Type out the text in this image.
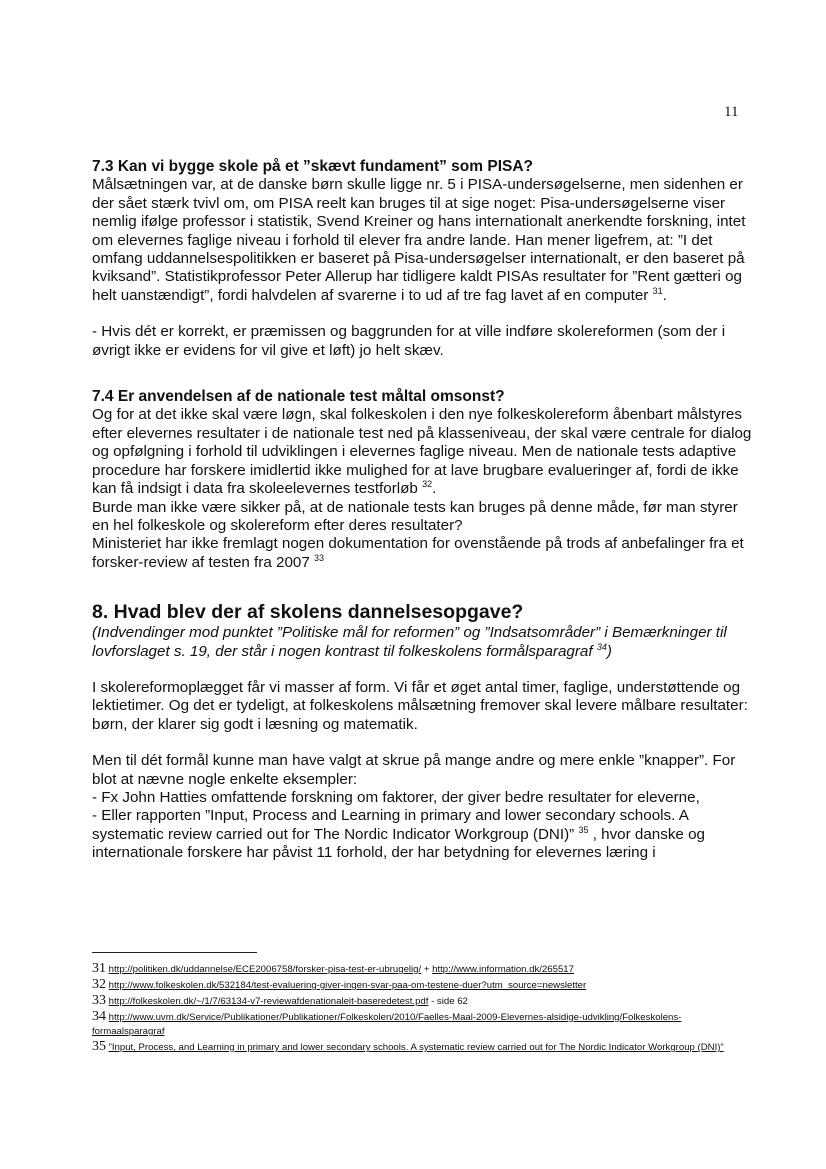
11

7.3 Kan vi bygge skole på et ”skævt fundament” som PISA?

Målsætningen var, at de danske børn skulle ligge nr. 5 i PISA-undersøgelserne, men sidenhen er der sået stærk tvivl om, om PISA reelt kan bruges til at sige noget: Pisa-undersøgelserne viser nemlig ifølge professor i statistik, Svend Kreiner og hans internationalt anerkendte forskning, intet om elevernes faglige niveau i forhold til elever fra andre lande. Han mener ligefrem, at: ”I det omfang uddannelsespolitikken er baseret på Pisa-undersøgelser internationalt, er den baseret på kviksand”. Statistikprofessor Peter Allerup har tidligere kaldt PISAs resultater for ”Rent gætteri og helt uanstændigt”, fordi halvdelen af svarerne i to ud af tre fag lavet af en computer $^{31}$.

- Hvis dét er korrekt, er præmissen og baggrunden for at ville indføre skolereformen (som der i øvrigt ikke er evidens for vil give et løft) jo helt skæv.

7.4 Er anvendelsen af de nationale test måltal omsonst?

Og for at det ikke skal være løgn, skal folkeskolen i den nye folkeskolereform åbenbart målstyres efter elevernes resultater i de nationale test ned på klasseniveau, der skal være centrale for dialog og opfølgning i forhold til udviklingen i elevernes faglige niveau. Men de nationale tests adaptive procedure har forskere imidlertid ikke mulighed for at lave brugbare evalueringer af, fordi de ikke kan få indsigt i data fra skoleelevernes testforløb $^{32}$.

Burde man ikke være sikker på, at de nationale tests kan bruges på denne måde, før man styrer en hel folkeskole og skolereform efter deres resultater?

Ministeriet har ikke fremlagt nogen dokumentation for ovenstående på trods af anbefalinger fra et forsker-review af testen fra 2007 $^{33}$

8. Hvad blev der af skolens dannelsesopgave?

(Indvendinger mod punktet ”Politiske mål for reformen” og ”Indsatsområder” i Bemærkninger til lovforslaget s. 19, der står i nogen kontrast til folkeskolens formålsparagraf $^{34}$)

I skolereformoplægget får vi masser af form. Vi får et øget antal timer, faglige, understøttende og lektietimer. Og det er tydeligt, at folkeskolens målsætning fremover skal levere målbare resultater: børn, der klarer sig godt i læsning og matematik.

Men til dét formål kunne man have valgt at skrue på mange andre og mere enkle ”knapper”. For blot at nævne nogle enkelte eksempler:

- Fx John Hatties omfattende forskning om faktorer, der giver bedre resultater for eleverne,

- Eller rapporten ”Input, Process and Learning in primary and lower secondary schools. A systematic review carried out for The Nordic Indicator Workgroup (DNI)” $^{35}$ , hvor danske og internationale forskere har påvist 11 forhold, der har betydning for elevernes læring i

31 http://politiken.dk/uddannelse/ECE2006758/forsker-pisa-test-er-ubrugelig/ + http://www.information.dk/265517
32 http://www.folkeskolen.dk/532184/test-evaluering-giver-ingen-svar-paa-om-testene-duer?utm_source=newsletter
33 http://folkeskolen.dk/~/1/7/63134-v7-reviewafdenationaleit-baseredetest.pdf - side 62
34 http://www.uvm.dk/Service/Publikationer/Publikationer/Folkeskolen/2010/Faelles-Maal-2009-Elevernes-alsidige-udvikling/Folkeskolens-formaalsparagraf
35 ”Input, Process, and Learning in primary and lower secondary schools. A systematic review carried out for The Nordic Indicator Workgroup (DNI)”
